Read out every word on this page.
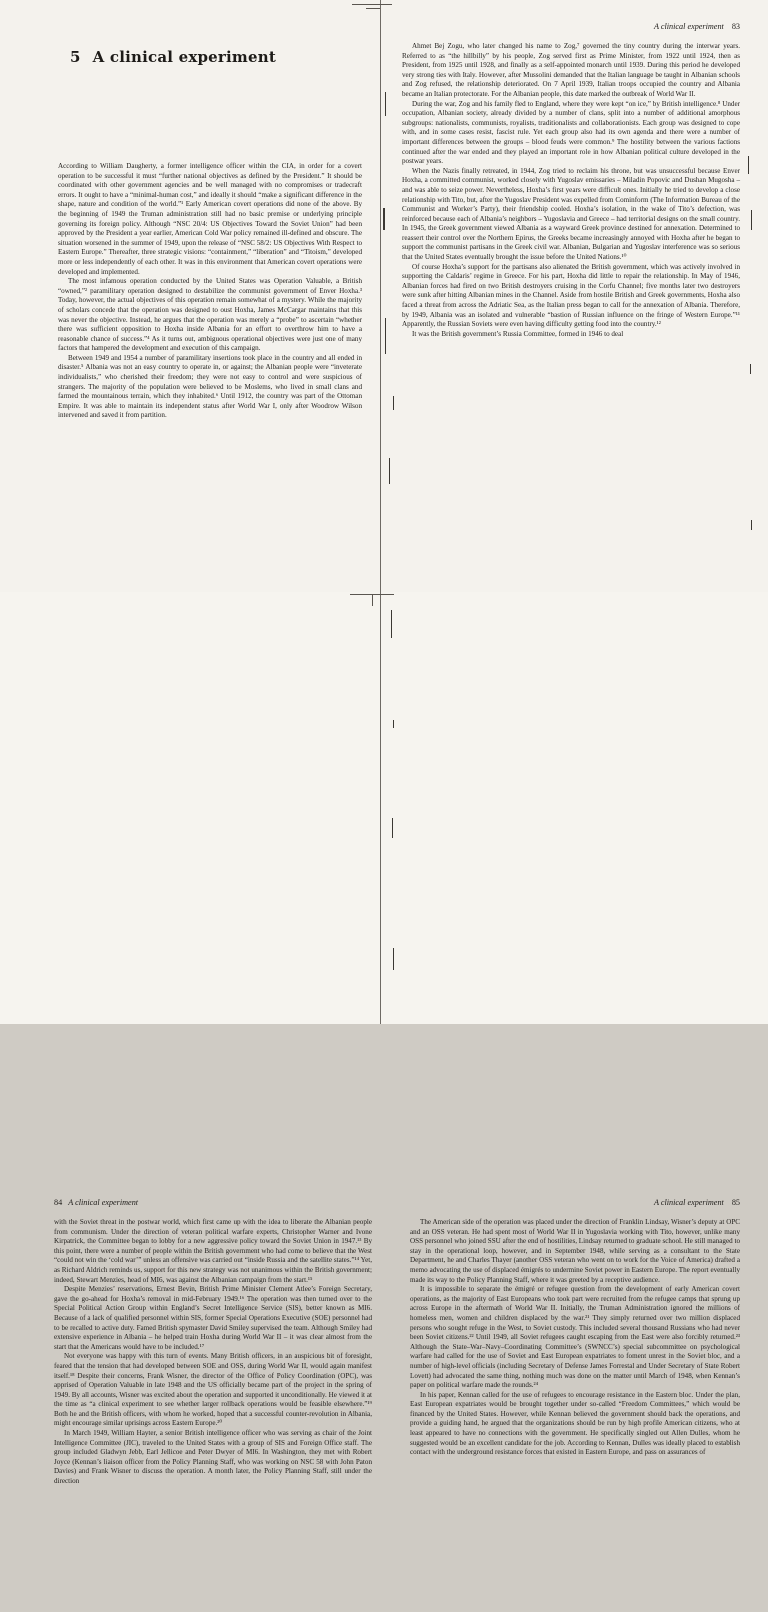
5 A clinical experiment

According to William Daugherty, a former intelligence officer within the CIA, in order for a covert operation to be successful it must “further national objectives as defined by the President.” It should be coordinated with other government agencies and be well managed with no compromises or tradecraft errors. It ought to have a “minimal-human cost,” and ideally it should “make a significant difference in the shape, nature and condition of the world.”¹ Early American covert operations did none of the above. By the beginning of 1949 the Truman administration still had no basic premise or underlying principle governing its foreign policy. Although “NSC 20/4: US Objectives Toward the Soviet Union” had been approved by the President a year earlier, American Cold War policy remained ill-defined and obscure. The situation worsened in the summer of 1949, upon the release of “NSC 58/2: US Objectives With Respect to Eastern Europe.” Thereafter, three strategic visions: “containment,” “liberation” and “Titoism,” developed more or less independently of each other. It was in this environment that American covert operations were developed and implemented.

The most infamous operation conducted by the United States was Operation Valuable, a British “owned,”² paramilitary operation designed to destabilize the communist government of Enver Hoxha.³ Today, however, the actual objectives of this operation remain somewhat of a mystery. While the majority of scholars concede that the operation was designed to oust Hoxha, James McCargar maintains that this was never the objective. Instead, he argues that the operation was merely a “probe” to ascertain “whether there was sufficient opposition to Hoxha inside Albania for an effort to overthrow him to have a reasonable chance of success.”⁴ As it turns out, ambiguous operational objectives were just one of many factors that hampered the development and execution of this campaign.

Between 1949 and 1954 a number of paramilitary insertions took place in the country and all ended in disaster.⁵ Albania was not an easy country to operate in, or against; the Albanian people were “inveterate individualists,” who cherished their freedom; they were not easy to control and were suspicious of strangers. The majority of the population were believed to be Moslems, who lived in small clans and farmed the mountainous terrain, which they inhabited.⁶ Until 1912, the country was part of the Ottoman Empire. It was able to maintain its independent status after World War I, only after Woodrow Wilson intervened and saved it from partition.

A clinical experiment 83

Ahmet Bej Zogu, who later changed his name to Zog,⁷ governed the tiny country during the interwar years. Referred to as “the hillbilly” by his people, Zog served first as Prime Minister, from 1922 until 1924, then as President, from 1925 until 1928, and finally as a self-appointed monarch until 1939. During this period he developed very strong ties with Italy. However, after Mussolini demanded that the Italian language be taught in Albanian schools and Zog refused, the relationship deteriorated. On 7 April 1939, Italian troops occupied the country and Albania became an Italian protectorate. For the Albanian people, this date marked the outbreak of World War II.

During the war, Zog and his family fled to England, where they were kept “on ice,” by British intelligence.⁸ Under occupation, Albanian society, already divided by a number of clans, split into a number of additional amorphous subgroups: nationalists, communists, royalists, traditionalists and collaborationists. Each group was designed to cope with, and in some cases resist, fascist rule. Yet each group also had its own agenda and there were a number of important differences between the groups – blood feuds were common.⁹ The hostility between the various factions continued after the war ended and they played an important role in how Albanian political culture developed in the postwar years.

When the Nazis finally retreated, in 1944, Zog tried to reclaim his throne, but was unsuccessful because Enver Hoxha, a committed communist, worked closely with Yugoslav emissaries – Miladin Popovic and Dushan Mugosha – and was able to seize power. Nevertheless, Hoxha’s first years were difficult ones. Initially he tried to develop a close relationship with Tito, but, after the Yugoslav President was expelled from Cominform (The Information Bureau of the Communist and Worker’s Party), their friendship cooled. Hoxha’s isolation, in the wake of Tito’s defection, was reinforced because each of Albania’s neighbors – Yugoslavia and Greece – had territorial designs on the small country. In 1945, the Greek government viewed Albania as a wayward Greek province destined for annexation. Determined to reassert their control over the Northern Epirus, the Greeks became increasingly annoyed with Hoxha after he began to support the communist partisans in the Greek civil war. Albanian, Bulgarian and Yugoslav interference was so serious that the United States eventually brought the issue before the United Nations.¹⁰

Of course Hoxha’s support for the partisans also alienated the British government, which was actively involved in supporting the Caldaris’ regime in Greece. For his part, Hoxha did little to repair the relationship. In May of 1946, Albanian forces had fired on two British destroyers cruising in the Corfu Channel; five months later two destroyers were sunk after hitting Albanian mines in the Channel. Aside from hostile British and Greek governments, Hoxha also faced a threat from across the Adriatic Sea, as the Italian press began to call for the annexation of Albania. Therefore, by 1949, Albania was an isolated and vulnerable “bastion of Russian influence on the fringe of Western Europe.”¹¹ Apparently, the Russian Soviets were even having difficulty getting food into the country.¹²

It was the British government’s Russia Committee, formed in 1946 to deal

84 A clinical experiment

with the Soviet threat in the postwar world, which first came up with the idea to liberate the Albanian people from communism. Under the direction of veteran political warfare experts, Christopher Warner and Ivone Kirpatrick, the Committee began to lobby for a new aggressive policy toward the Soviet Union in 1947.¹³ By this point, there were a number of people within the British government who had come to believe that the West “could not win the ‘cold war’” unless an offensive was carried out “inside Russia and the satellite states.”¹⁴ Yet, as Richard Aldrich reminds us, support for this new strategy was not unanimous within the British government; indeed, Stewart Menzies, head of MI6, was against the Albanian campaign from the start.¹⁵

Despite Menzies’ reservations, Ernest Bevin, British Prime Minister Clement Atlee’s Foreign Secretary, gave the go-ahead for Hoxha’s removal in mid-February 1949.¹⁶ The operation was then turned over to the Special Political Action Group within England’s Secret Intelligence Service (SIS), better known as MI6. Because of a lack of qualified personnel within SIS, former Special Operations Executive (SOE) personnel had to be recalled to active duty. Famed British spymaster David Smiley supervised the team. Although Smiley had extensive experience in Albania – he helped train Hoxha during World War II – it was clear almost from the start that the Americans would have to be included.¹⁷

Not everyone was happy with this turn of events. Many British officers, in an auspicious bit of foresight, feared that the tension that had developed between SOE and OSS, during World War II, would again manifest itself.¹⁸ Despite their concerns, Frank Wisner, the director of the Office of Policy Coordination (OPC), was apprised of Operation Valuable in late 1948 and the US officially became part of the project in the spring of 1949. By all accounts, Wisner was excited about the operation and supported it unconditionally. He viewed it at the time as “a clinical experiment to see whether larger rollback operations would be feasible elsewhere.”¹⁹ Both he and the British officers, with whom he worked, hoped that a successful counter-revolution in Albania, might encourage similar uprisings across Eastern Europe.²⁰

In March 1949, William Hayter, a senior British intelligence officer who was serving as chair of the Joint Intelligence Committee (JIC), traveled to the United States with a group of SIS and Foreign Office staff. The group included Gladwyn Jebb, Earl Jellicoe and Peter Dwyer of MI6. In Washington, they met with Robert Joyce (Kennan’s liaison officer from the Policy Planning Staff, who was working on NSC 58 with John Paton Davies) and Frank Wisner to discuss the operation. A month later, the Policy Planning Staff, still under the direction

A clinical experiment 85

The American side of the operation was placed under the direction of Franklin Lindsay, Wisner’s deputy at OPC and an OSS veteran. He had spent most of World War II in Yugoslavia working with Tito, however, unlike many OSS personnel who joined SSU after the end of hostilities, Lindsay returned to graduate school. He still managed to stay in the operational loop, however, and in September 1948, while serving as a consultant to the State Department, he and Charles Thayer (another OSS veteran who went on to work for the Voice of America) drafted a memo advocating the use of displaced émigrés to undermine Soviet power in Eastern Europe. The report eventually made its way to the Policy Planning Staff, where it was greeted by a receptive audience.

It is impossible to separate the émigré or refugee question from the development of early American covert operations, as the majority of East Europeans who took part were recruited from the refugee camps that sprung up across Europe in the aftermath of World War II. Initially, the Truman Administration ignored the millions of homeless men, women and children displaced by the war.²¹ They simply returned over two million displaced persons who sought refuge in the West, to Soviet custody. This included several thousand Russians who had never been Soviet citizens.²² Until 1949, all Soviet refugees caught escaping from the East were also forcibly returned.²³ Although the State–War–Navy–Coordinating Committee’s (SWNCC’s) special subcommittee on psychological warfare had called for the use of Soviet and East European expatriates to foment unrest in the Soviet bloc, and a number of high-level officials (including Secretary of Defense James Forrestal and Under Secretary of State Robert Lovett) had advocated the same thing, nothing much was done on the matter until March of 1948, when Kennan’s paper on political warfare made the rounds.²⁴

In his paper, Kennan called for the use of refugees to encourage resistance in the Eastern bloc. Under the plan, East European expatriates would be brought together under so-called “Freedom Committees,” which would be financed by the United States. However, while Kennan believed the government should back the operations, and provide a guiding hand, he argued that the organizations should be run by high profile American citizens, who at least appeared to have no connections with the government. He specifically singled out Allen Dulles, whom he suggested would be an excellent candidate for the job. According to Kennan, Dulles was ideally placed to establish contact with the underground resistance forces that existed in Eastern Europe, and pass on assurances of
